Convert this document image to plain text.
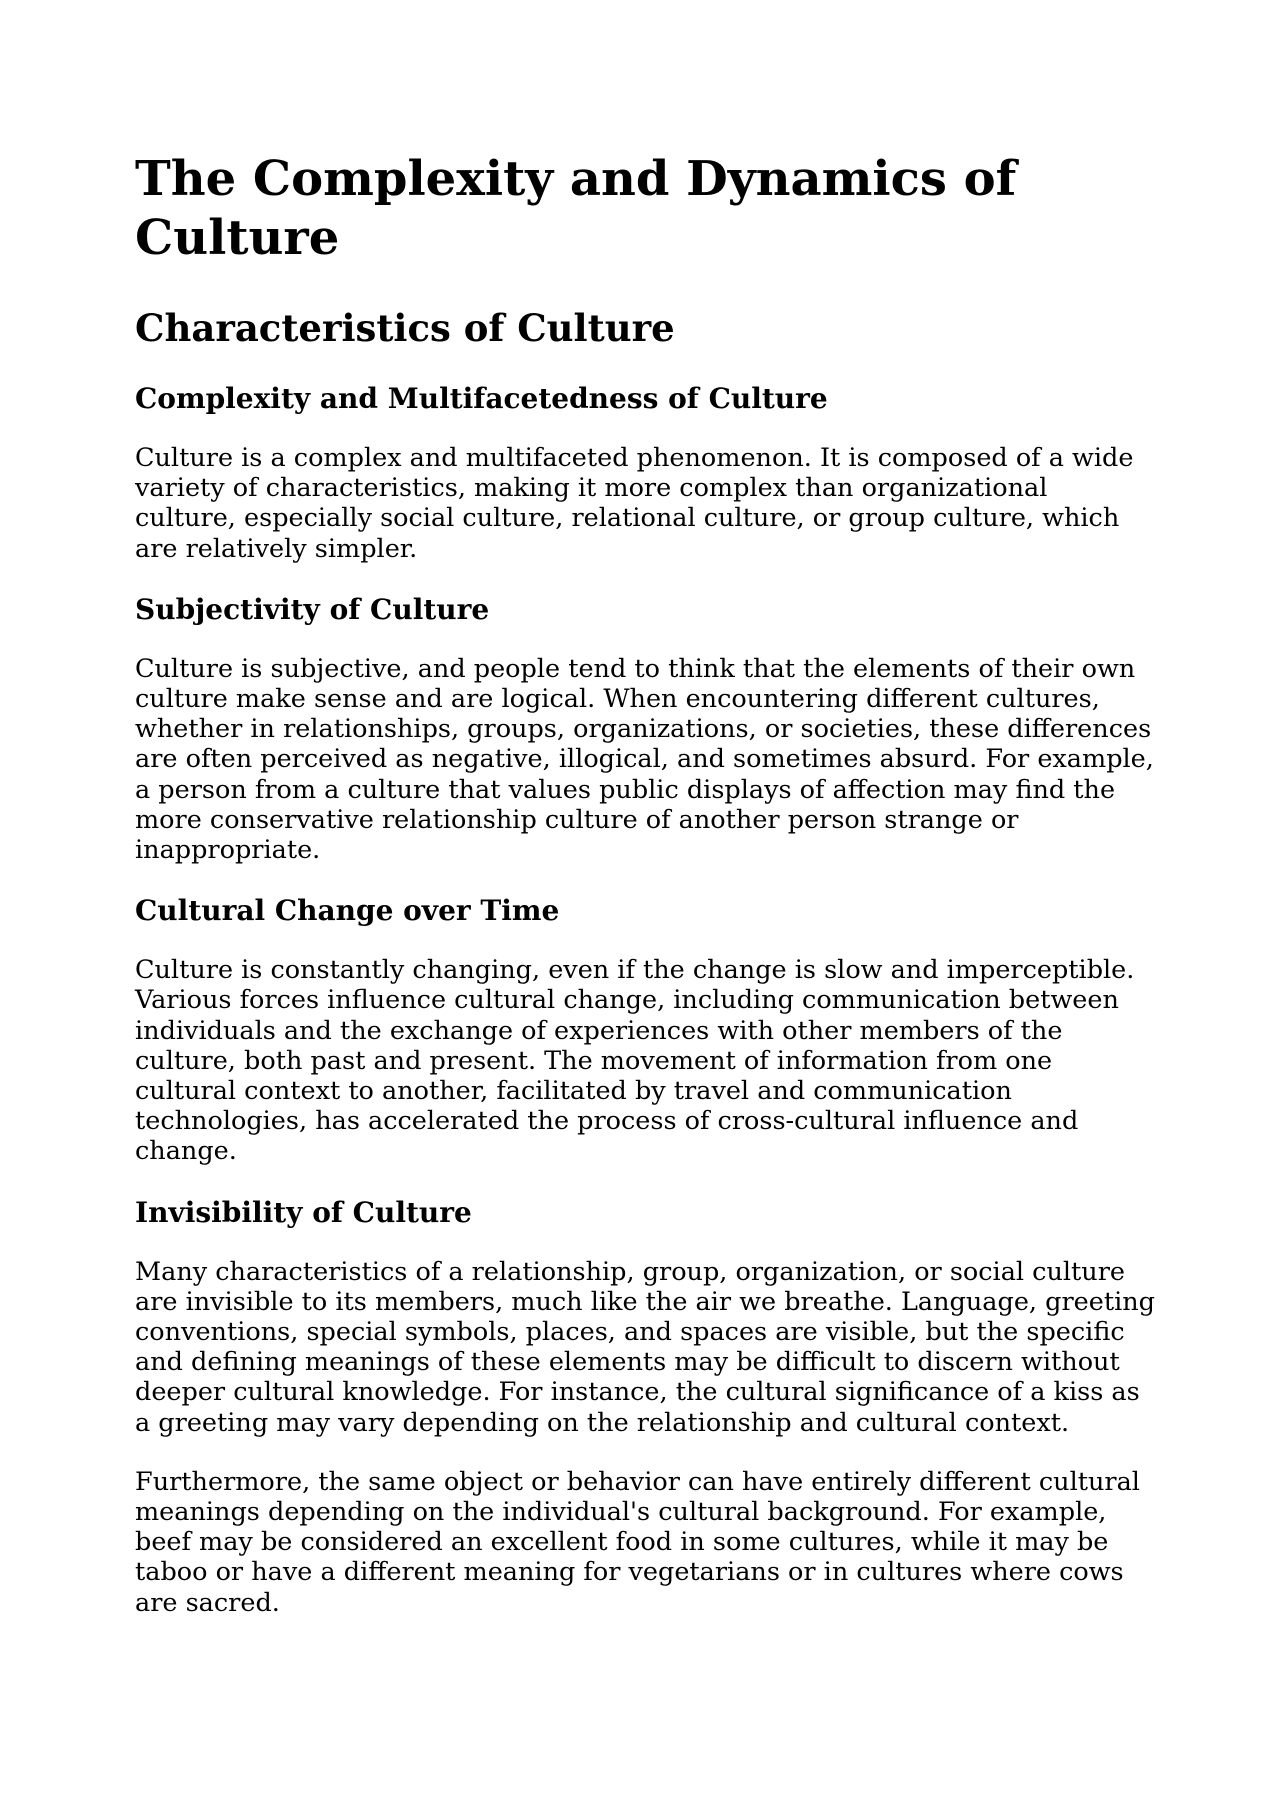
The Complexity and Dynamics of Culture
Characteristics of Culture
Complexity and Multifacetedness of Culture

Culture is a complex and multifaceted phenomenon. It is composed of a wide variety of characteristics, making it more complex than organizational culture, especially social culture, relational culture, or group culture, which are relatively simpler.

Subjectivity of Culture

Culture is subjective, and people tend to think that the elements of their own culture make sense and are logical. When encountering different cultures, whether in relationships, groups, organizations, or societies, these differences are often perceived as negative, illogical, and sometimes absurd. For example, a person from a culture that values public displays of affection may find the more conservative relationship culture of another person strange or inappropriate.

Cultural Change over Time

Culture is constantly changing, even if the change is slow and imperceptible. Various forces influence cultural change, including communication between individuals and the exchange of experiences with other members of the culture, both past and present. The movement of information from one cultural context to another, facilitated by travel and communication technologies, has accelerated the process of cross-cultural influence and change.

Invisibility of Culture

Many characteristics of a relationship, group, organization, or social culture are invisible to its members, much like the air we breathe. Language, greeting conventions, special symbols, places, and spaces are visible, but the specific and defining meanings of these elements may be difficult to discern without deeper cultural knowledge. For instance, the cultural significance of a kiss as a greeting may vary depending on the relationship and cultural context.

Furthermore, the same object or behavior can have entirely different cultural meanings depending on the individual's cultural background. For example, beef may be considered an excellent food in some cultures, while it may be taboo or have a different meaning for vegetarians or in cultures where cows are sacred.
